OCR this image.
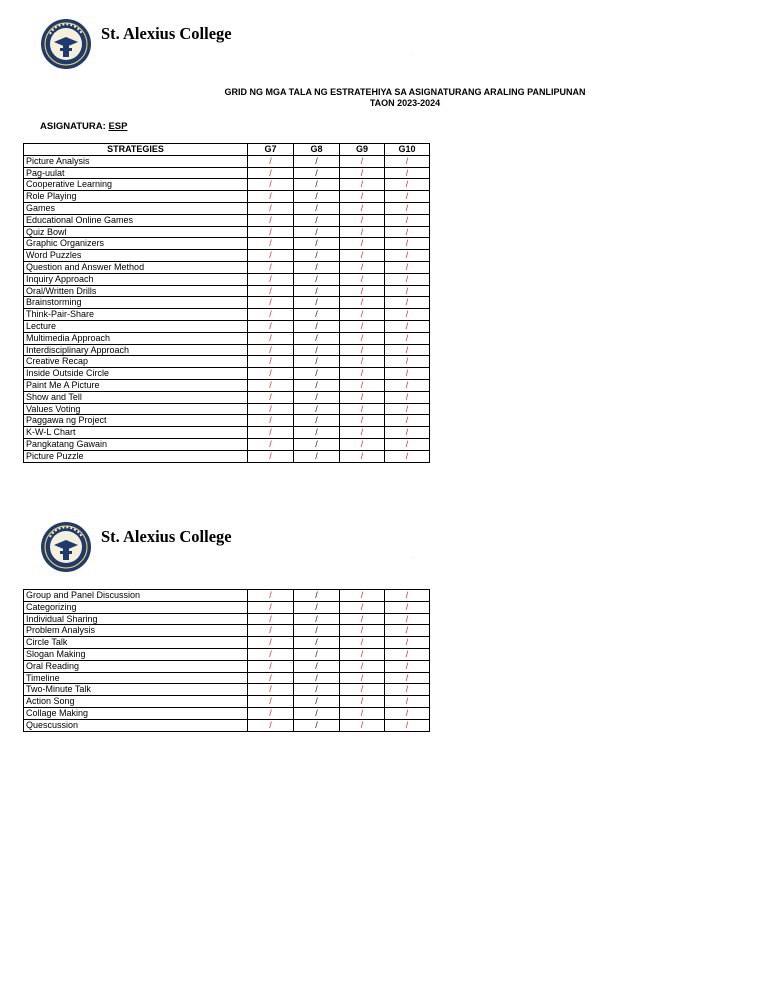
St. Alexius College
·
GRID NG MGA TALA NG ESTRATEHIYA SA ASIGNATURANG ARALING PANLIPUNAN
TAON 2023-2024
ASIGNATURA: ESP
STRATEGIES	G7	G8	G9	G10
Picture Analysis	/	/	/	/
Pag-uulat	/	/	/	/
Cooperative Learning	/	/	/	/
Role Playing	/	/	/	/
Games	/	/	/	/
Educational Online Games	/	/	/	/
Quiz Bowl	/	/	/	/
Graphic Organizers	/	/	/	/
Word Puzzles	/	/	/	/
Question and Answer Method	/	/	/	/
Inquiry Approach	/	/	/	/
Oral/Written Drills	/	/	/	/
Brainstorming	/	/	/	/
Think-Pair-Share	/	/	/	/
Lecture	/	/	/	/
Multimedia Approach	/	/	/	/
Interdisciplinary Approach	/	/	/	/
Creative Recap	/	/	/	/
Inside Outside Circle	/	/	/	/
Paint Me A Picture	/	/	/	/
Show and Tell	/	/	/	/
Values Voting	/	/	/	/
Paggawa ng Project	/	/	/	/
K-W-L Chart	/	/	/	/
Pangkatang Gawain	/	/	/	/
Picture Puzzle	/	/	/	/
St. Alexius College
·
Group and Panel Discussion	/	/	/	/
Categorizing	/	/	/	/
Individual Sharing	/	/	/	/
Problem Analysis	/	/	/	/
Circle Talk	/	/	/	/
Slogan Making	/	/	/	/
Oral Reading	/	/	/	/
Timeline	/	/	/	/
Two-Minute Talk	/	/	/	/
Action Song	/	/	/	/
Collage Making	/	/	/	/
Quescussion	/	/	/	/
